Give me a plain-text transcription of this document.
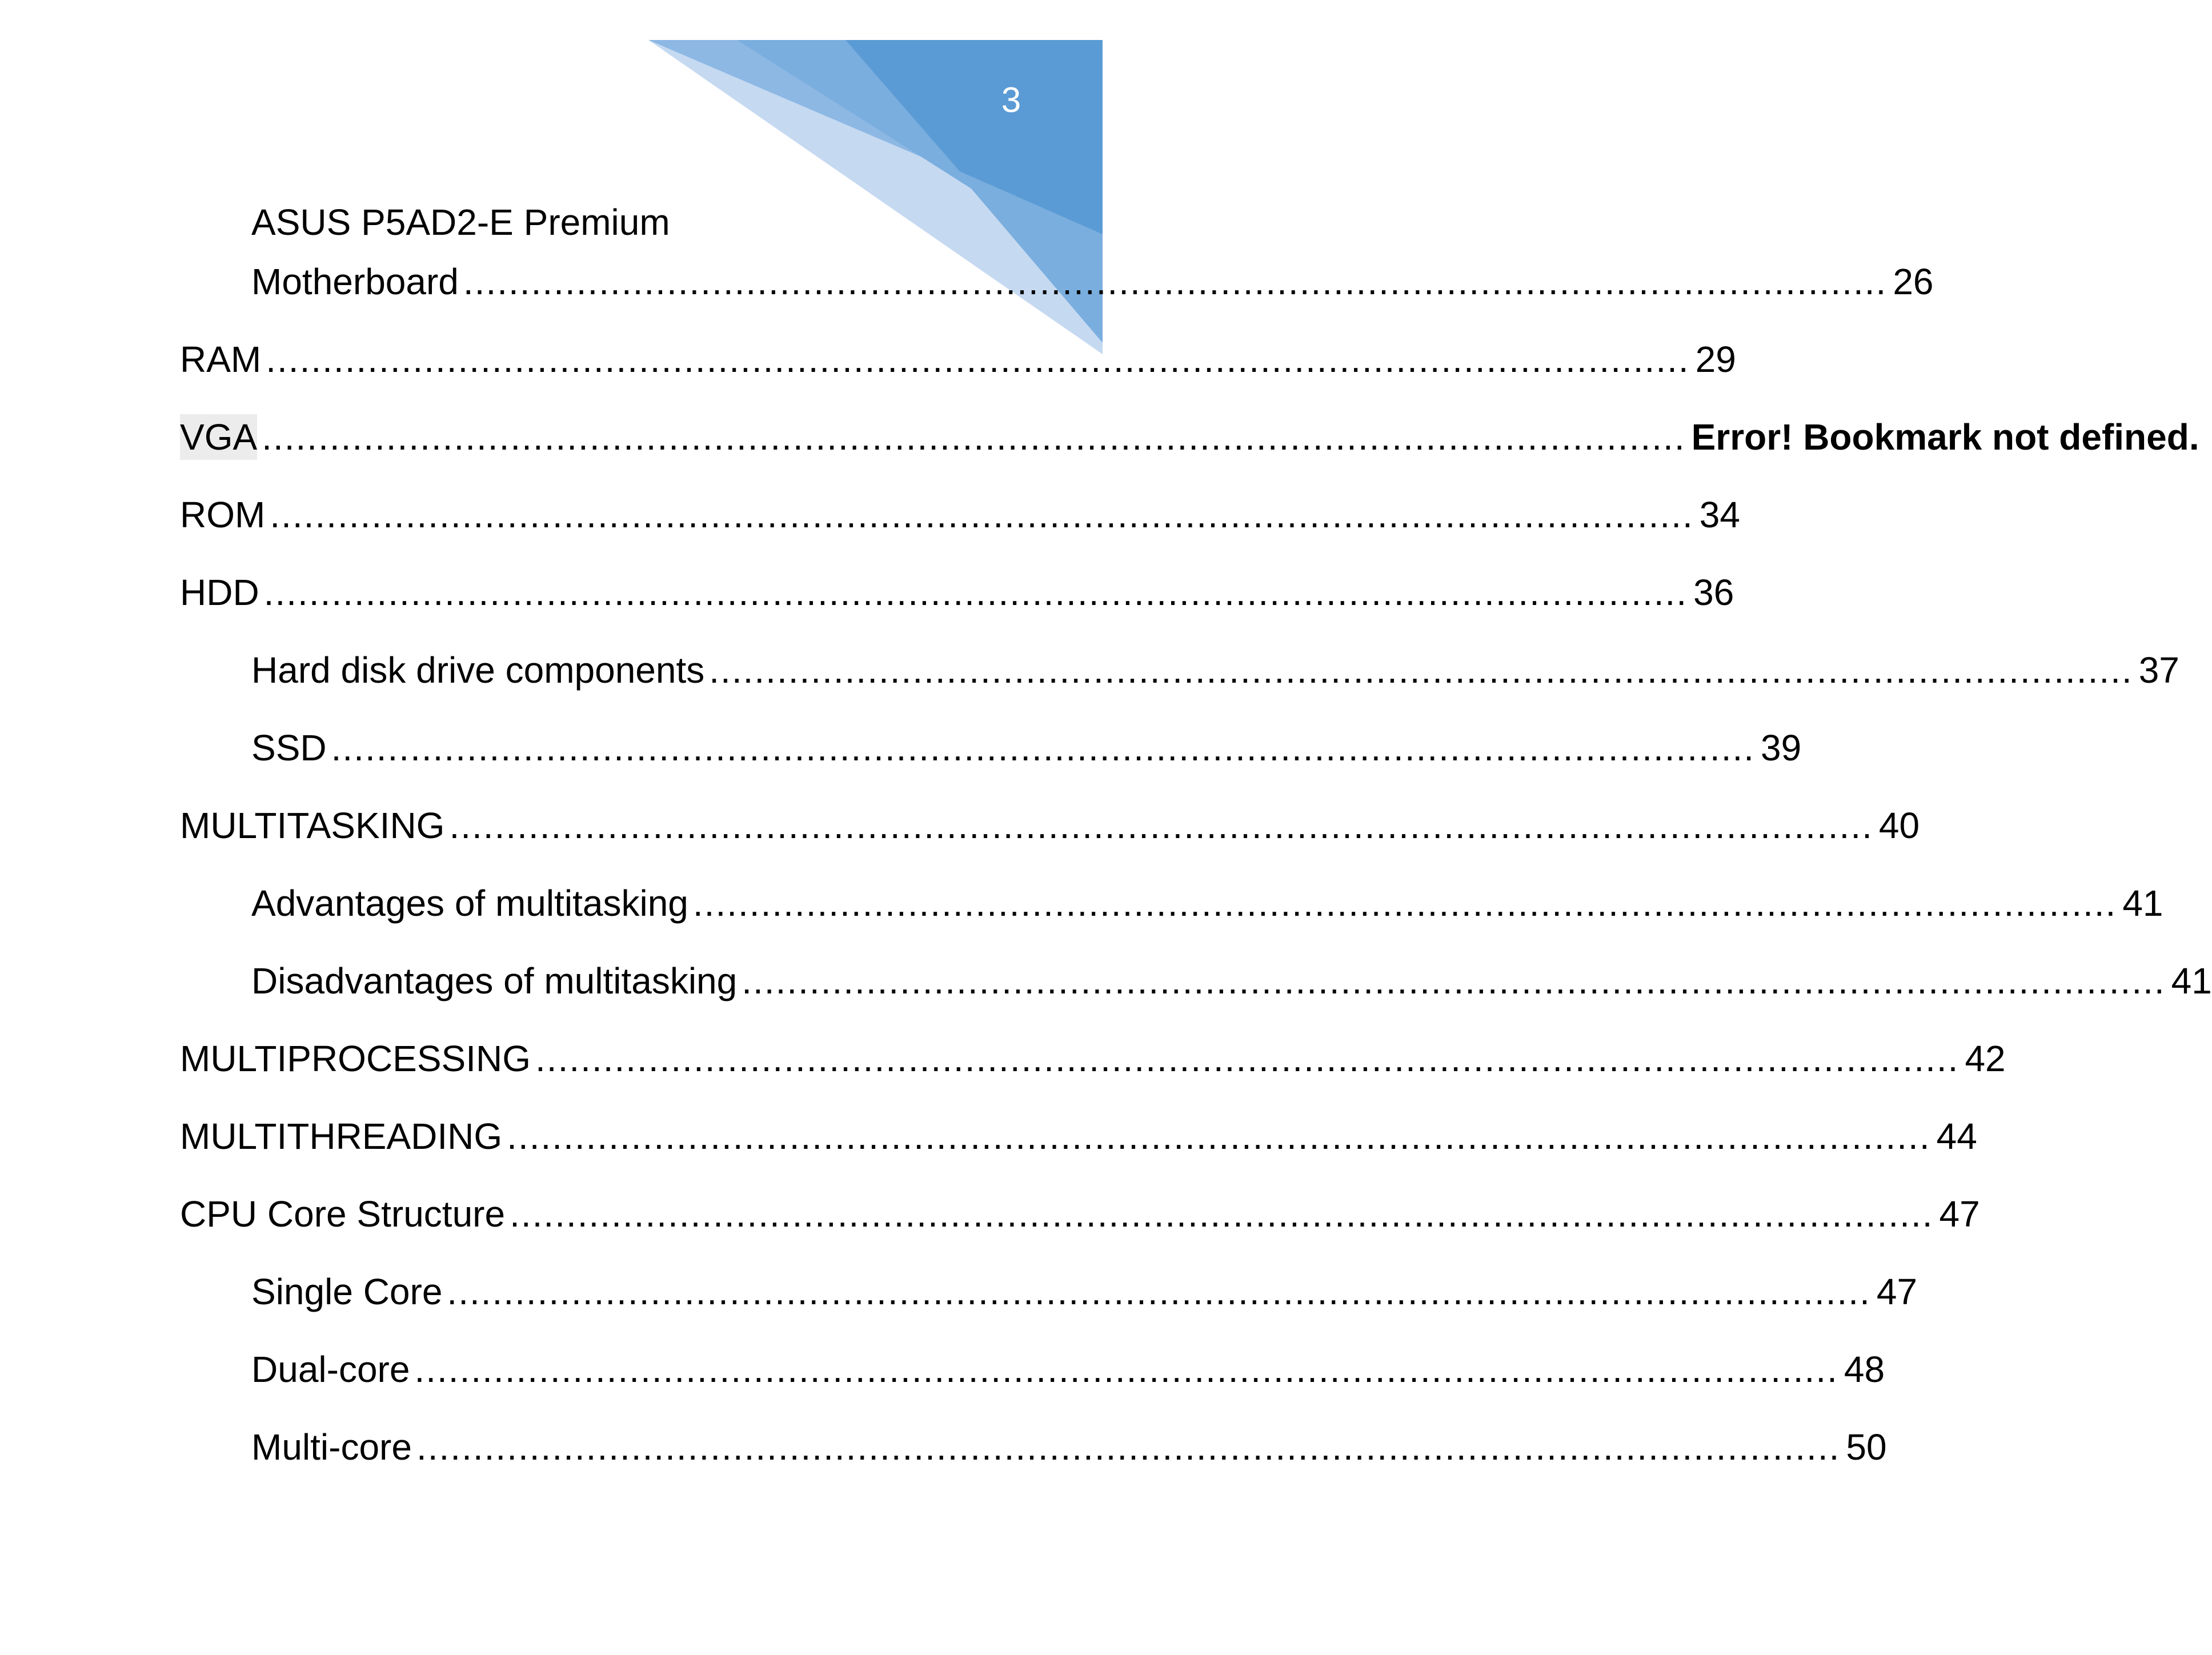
3
ASUS P5AD2-E Premium
Motherboard .............................................................................................................................. 26
RAM .............................................................................................................................. 29
VGA .............................................................................................................................. Error! Bookmark not defined.
ROM .............................................................................................................................. 34
HDD .............................................................................................................................. 36
Hard disk drive components .............................................................................................................................. 37
SSD .............................................................................................................................. 39
MULTITASKING .............................................................................................................................. 40
Advantages of multitasking .............................................................................................................................. 41
Disadvantages of multitasking .............................................................................................................................. 41
MULTIPROCESSING .............................................................................................................................. 42
MULTITHREADING .............................................................................................................................. 44
CPU Core Structure .............................................................................................................................. 47
Single Core .............................................................................................................................. 47
Dual-core .............................................................................................................................. 48
Multi-core .............................................................................................................................. 50
